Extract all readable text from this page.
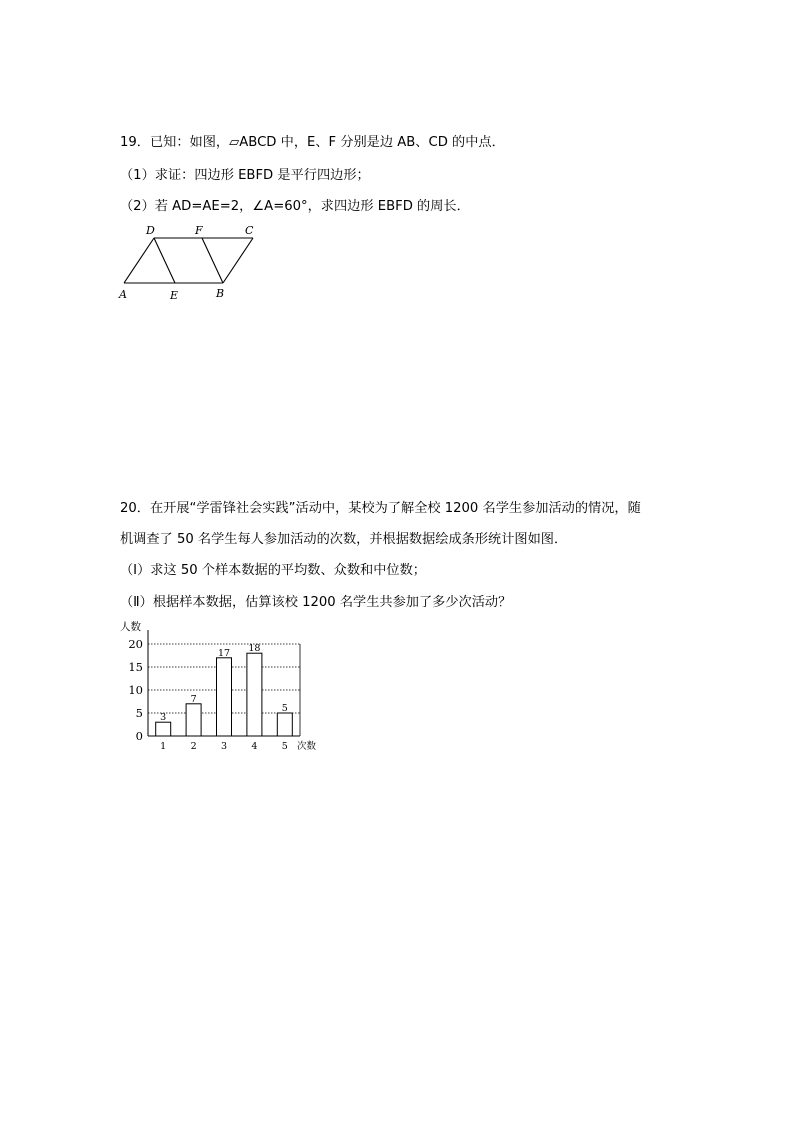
19．已知：如图，▱ABCD 中，E、F 分别是边 AB、CD 的中点．
（1）求证：四边形 EBFD 是平行四边形；
（2）若 AD=AE=2，∠A=60°，求四边形 EBFD 的周长．
D	F	C
A	E	B
20．在开展“学雷锋社会实践”活动中，某校为了解全校 1200 名学生参加活动的情况，随
机调查了 50 名学生每人参加活动的次数，并根据数据绘成条形统计图如图．
（Ⅰ）求这 50 个样本数据的平均数、众数和中位数；
（Ⅱ）根据样本数据，估算该校 1200 名学生共参加了多少次活动？
3
7
17 18
5
0
5
10
15
20
1	2	3	4	5
人数
次数
